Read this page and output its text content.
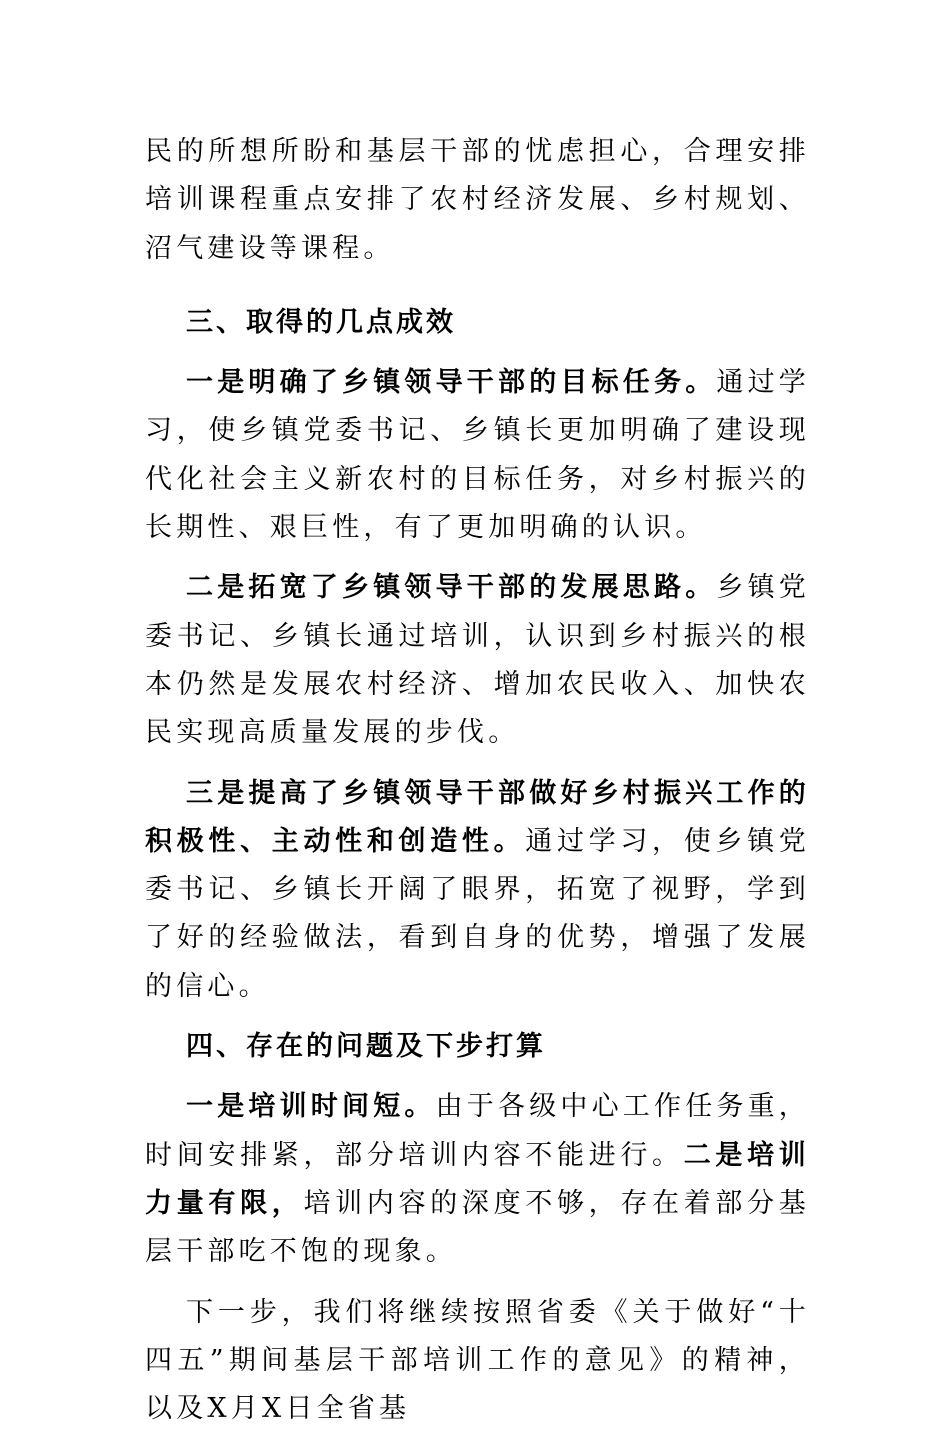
民的所想所盼和基层干部的忧虑担心，合理安排培训课程重点安排了农村经济发展、乡村规划、沼气建设等课程。

三、取得的几点成效

一是明确了乡镇领导干部的目标任务。通过学习，使乡镇党委书记、乡镇长更加明确了建设现代化社会主义新农村的目标任务，对乡村振兴的长期性、艰巨性，有了更加明确的认识。

二是拓宽了乡镇领导干部的发展思路。乡镇党委书记、乡镇长通过培训，认识到乡村振兴的根本仍然是发展农村经济、增加农民收入、加快农民实现高质量发展的步伐。

三是提高了乡镇领导干部做好乡村振兴工作的积极性、主动性和创造性。通过学习，使乡镇党委书记、乡镇长开阔了眼界，拓宽了视野，学到了好的经验做法，看到自身的优势，增强了发展的信心。

四、存在的问题及下步打算

一是培训时间短。由于各级中心工作任务重，时间安排紧，部分培训内容不能进行。二是培训力量有限，培训内容的深度不够，存在着部分基层干部吃不饱的现象。

下一步，我们将继续按照省委《关于做好“十四五”期间基层干部培训工作的意见》的精神，以及X月X日全省基
